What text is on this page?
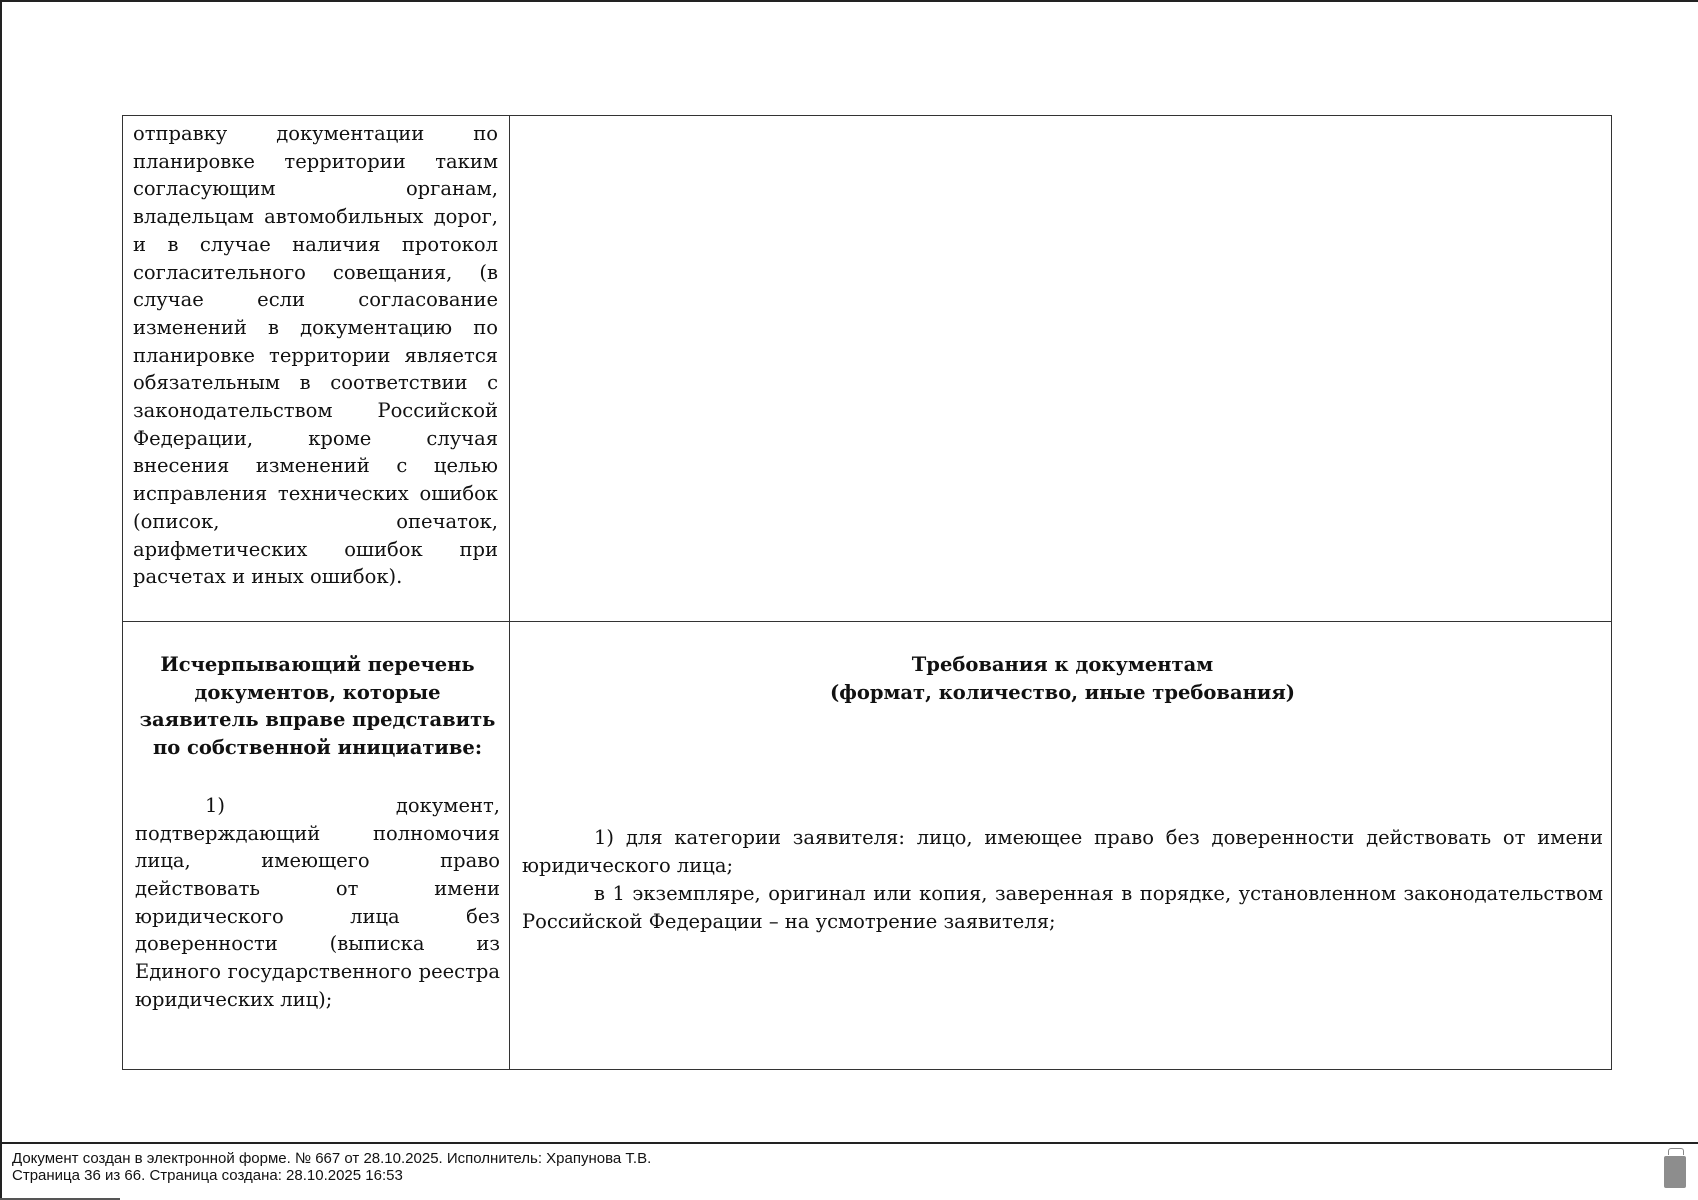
отправку документации по планировке территории таким согласующим органам, владельцам автомобильных дорог, и в случае наличия протокол согласительного совещания, (в случае если согласование изменений в документацию по планировке территории является обязательным в соответствии с законодательством Российской Федерации, кроме случая внесения изменений с целью исправления технических ошибок (описок, опечаток, арифметических ошибок при расчетах и иных ошибок).
Исчерпывающий перечень документов, которые заявитель вправе представить по собственной инициативе:
1) документ, подтверждающий полномочия лица, имеющего право действовать от имени юридического лица без доверенности (выписка из Единого государственного реестра юридических лиц);
Требования к документам
(формат, количество, иные требования)
1) для категории заявителя: лицо, имеющее право без доверенности действовать от имени юридического лица;
в 1 экземпляре, оригинал или копия, заверенная в порядке, установленном законодательством Российской Федерации – на усмотрение заявителя;
Документ создан в электронной форме. № 667 от 28.10.2025. Исполнитель: Храпунова Т.В.
Страница 36 из 66. Страница создана: 28.10.2025 16:53
